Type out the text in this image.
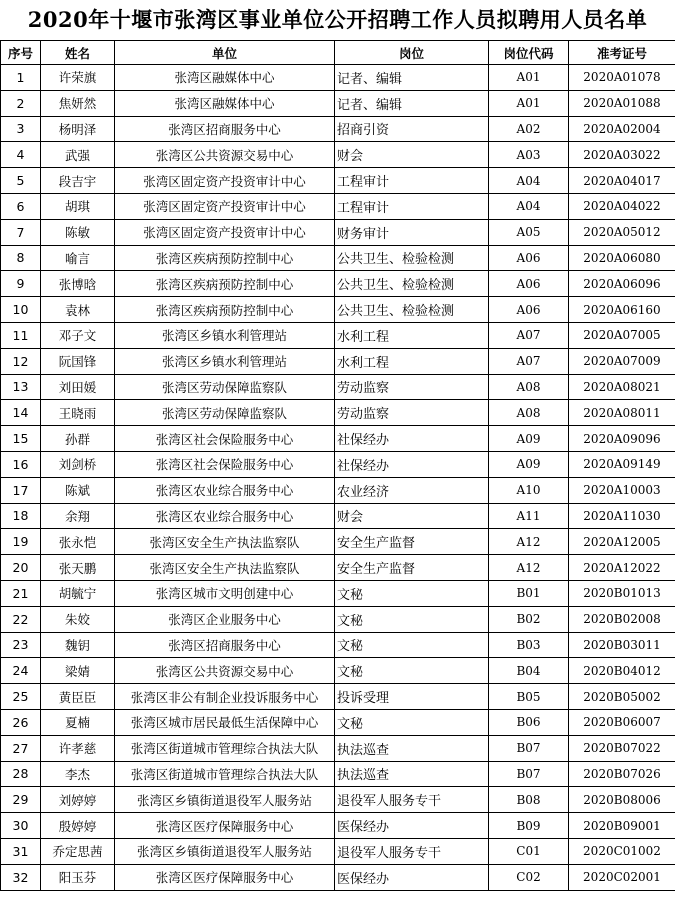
2020年十堰市张湾区事业单位公开招聘工作人员拟聘用人员名单
序号	姓名	单位	岗位	岗位代码	准考证号
1	许荣旗	张湾区融媒体中心	记者、编辑	A01	2020A01078
2	焦妍然	张湾区融媒体中心	记者、编辑	A01	2020A01088
3	杨明泽	张湾区招商服务中心	招商引资	A02	2020A02004
4	武强	张湾区公共资源交易中心	财会	A03	2020A03022
5	段吉宇	张湾区固定资产投资审计中心	工程审计	A04	2020A04017
6	胡琪	张湾区固定资产投资审计中心	工程审计	A04	2020A04022
7	陈敏	张湾区固定资产投资审计中心	财务审计	A05	2020A05012
8	喻言	张湾区疾病预防控制中心	公共卫生、检验检测	A06	2020A06080
9	张博晗	张湾区疾病预防控制中心	公共卫生、检验检测	A06	2020A06096
10	袁林	张湾区疾病预防控制中心	公共卫生、检验检测	A06	2020A06160
11	邓子文	张湾区乡镇水利管理站	水利工程	A07	2020A07005
12	阮国锋	张湾区乡镇水利管理站	水利工程	A07	2020A07009
13	刘田媛	张湾区劳动保障监察队	劳动监察	A08	2020A08021
14	王晓雨	张湾区劳动保障监察队	劳动监察	A08	2020A08011
15	孙群	张湾区社会保险服务中心	社保经办	A09	2020A09096
16	刘剑桥	张湾区社会保险服务中心	社保经办	A09	2020A09149
17	陈斌	张湾区农业综合服务中心	农业经济	A10	2020A10003
18	余翔	张湾区农业综合服务中心	财会	A11	2020A11030
19	张永恺	张湾区安全生产执法监察队	安全生产监督	A12	2020A12005
20	张天鹏	张湾区安全生产执法监察队	安全生产监督	A12	2020A12022
21	胡毓宁	张湾区城市文明创建中心	文秘	B01	2020B01013
22	朱姣	张湾区企业服务中心	文秘	B02	2020B02008
23	魏钥	张湾区招商服务中心	文秘	B03	2020B03011
24	梁婧	张湾区公共资源交易中心	文秘	B04	2020B04012
25	黄臣臣	张湾区非公有制企业投诉服务中心	投诉受理	B05	2020B05002
26	夏楠	张湾区城市居民最低生活保障中心	文秘	B06	2020B06007
27	许孝慈	张湾区街道城市管理综合执法大队	执法巡查	B07	2020B07022
28	李杰	张湾区街道城市管理综合执法大队	执法巡查	B07	2020B07026
29	刘婷婷	张湾区乡镇街道退役军人服务站	退役军人服务专干	B08	2020B08006
30	殷婷婷	张湾区医疗保障服务中心	医保经办	B09	2020B09001
31	乔定思茜	张湾区乡镇街道退役军人服务站	退役军人服务专干	C01	2020C01002
32	阳玉芬	张湾区医疗保障服务中心	医保经办	C02	2020C02001
